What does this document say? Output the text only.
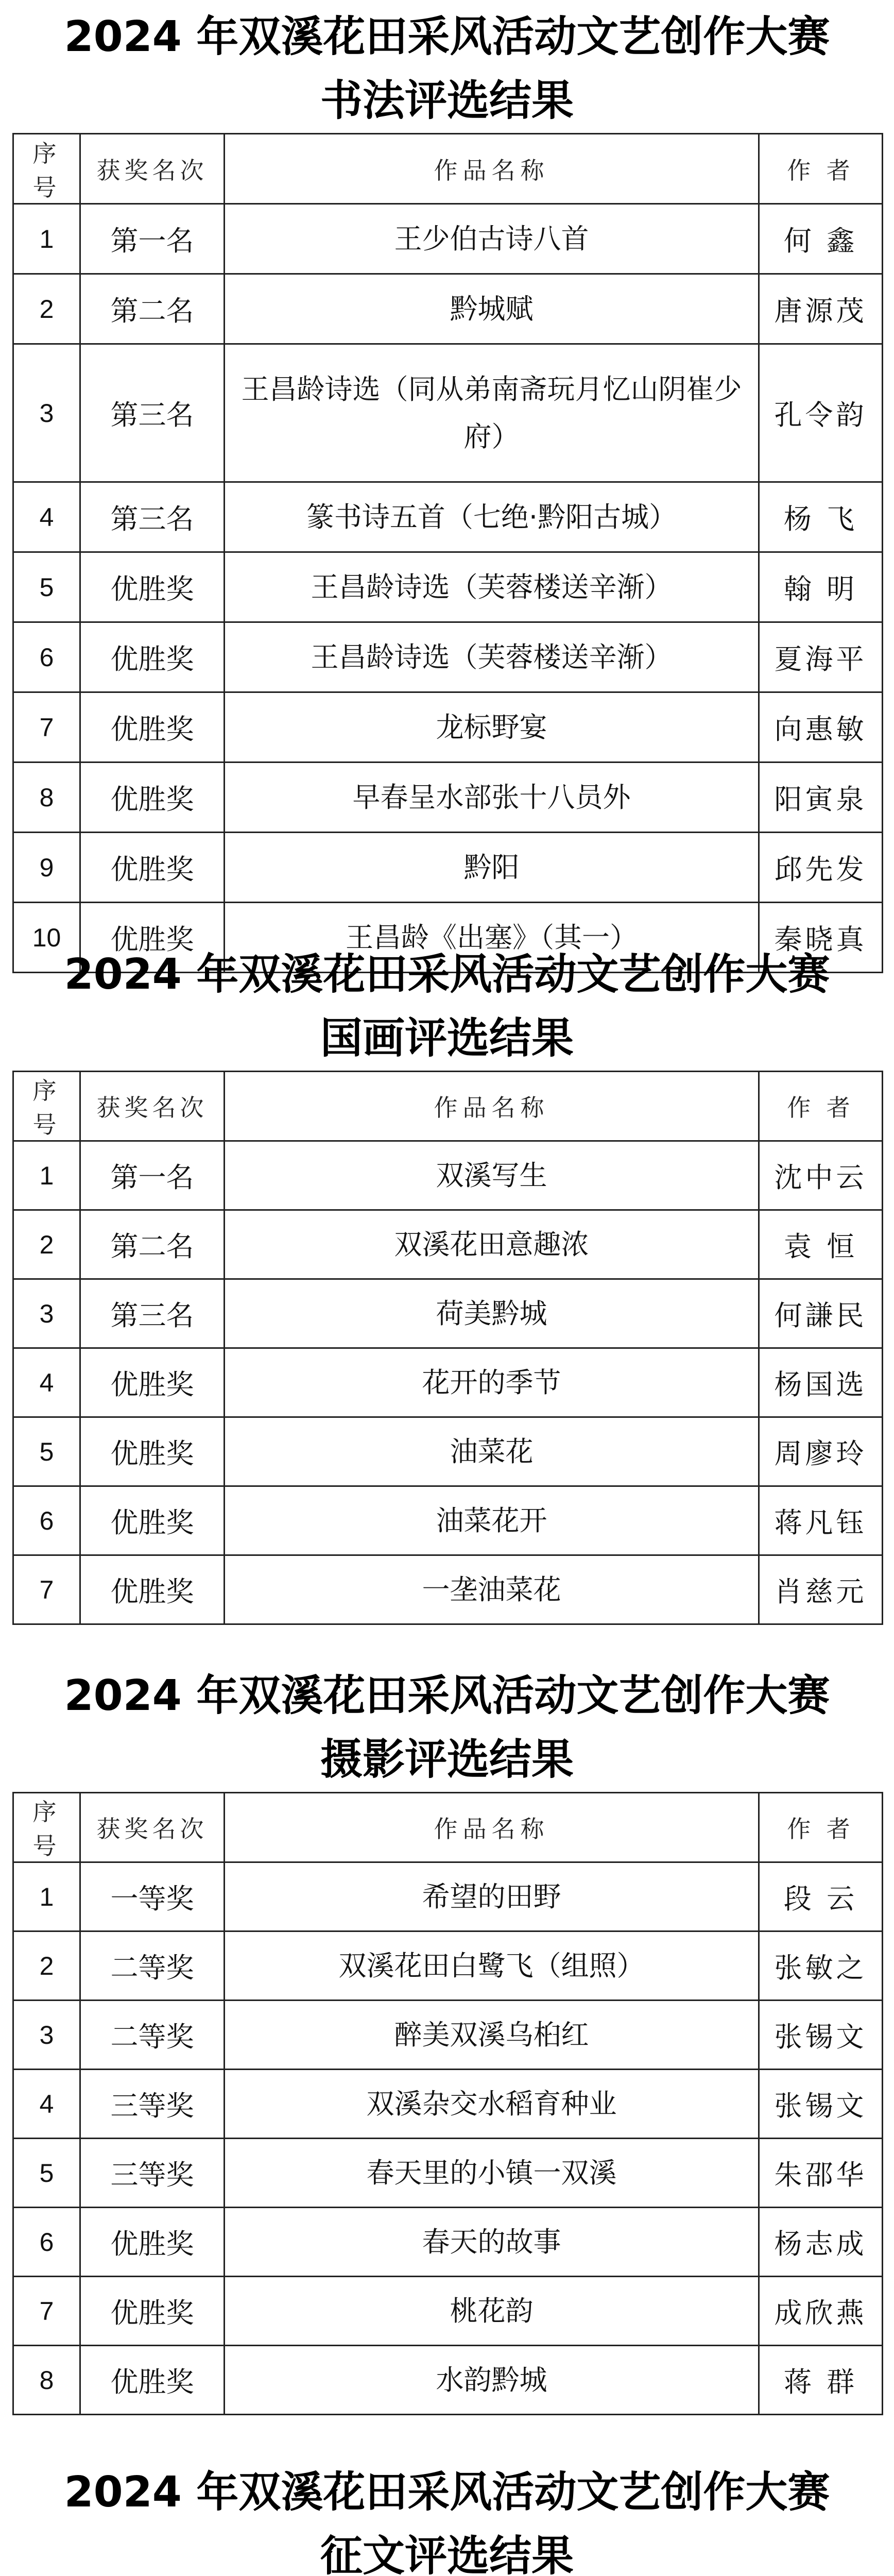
2024 年双溪花田采风活动文艺创作大赛
书法评选结果
序号	获奖名次	作品名称	作 者
1	第一名	王少伯古诗八首	何 鑫
2	第二名	黔城赋	唐源茂
3	第三名	王昌龄诗选（同从弟南斋玩月忆山阴崔少府）	孔令韵
4	第三名	篆书诗五首（七绝·黔阳古城）	杨 飞
5	优胜奖	王昌龄诗选（芙蓉楼送辛渐）	翰 明
6	优胜奖	王昌龄诗选（芙蓉楼送辛渐）	夏海平
7	优胜奖	龙标野宴	向惠敏
8	优胜奖	早春呈水部张十八员外	阳寅泉
9	优胜奖	黔阳	邱先发
10	优胜奖	王昌龄《出塞》（其一）	秦晓真
2024 年双溪花田采风活动文艺创作大赛
国画评选结果
序号	获奖名次	作品名称	作 者
1	第一名	双溪写生	沈中云
2	第二名	双溪花田意趣浓	袁 恒
3	第三名	荷美黔城	何謙民
4	优胜奖	花开的季节	杨国选
5	优胜奖	油菜花	周廖玲
6	优胜奖	油菜花开	蒋凡钰
7	优胜奖	一垄油菜花	肖慈元
2024 年双溪花田采风活动文艺创作大赛
摄影评选结果
序号	获奖名次	作品名称	作 者
1	一等奖	希望的田野	段 云
2	二等奖	双溪花田白鹭飞（组照）	张敏之
3	二等奖	醉美双溪乌桕红	张锡文
4	三等奖	双溪杂交水稻育种业	张锡文
5	三等奖	春天里的小镇一双溪	朱邵华
6	优胜奖	春天的故事	杨志成
7	优胜奖	桃花韵	成欣燕
8	优胜奖	水韵黔城	蒋 群
2024 年双溪花田采风活动文艺创作大赛
征文评选结果
